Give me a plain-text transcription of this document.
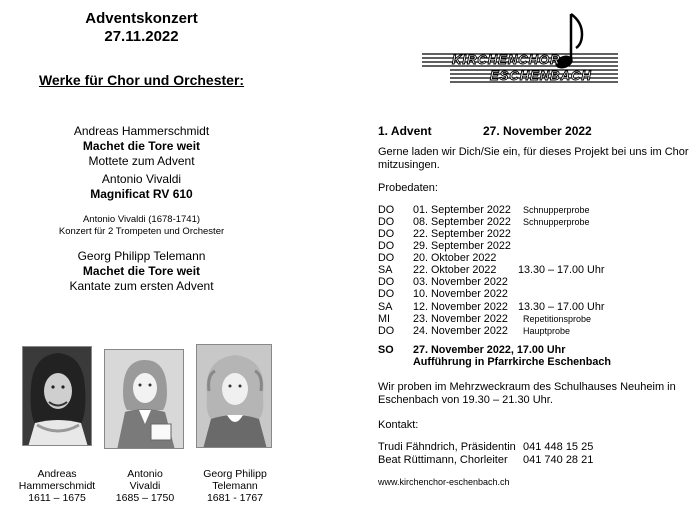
Adventskonzert
27.11.2022
Werke für Chor und Orchester:
Andreas Hammerschmidt
Machet die Tore weit
Mottete zum Advent
Antonio Vivaldi
Magnificat RV 610
Antonio Vivaldi (1678-1741)
Konzert für 2 Trompeten und Orchester
Georg Philipp Telemann
Machet die Tore weit
Kantate zum ersten Advent
Andreas
Hammerschmidt
1611 – 1675
Antonio
Vivaldi
1685 – 1750
Georg Philipp
Telemann
1681 - 1767
KIRCHENCHOR
ESCHENBACH
1. Advent	27. November 2022
Gerne laden wir Dich/Sie ein, für dieses Projekt bei uns im Chor mitzusingen.
Probedaten:
DO 01. September 2022 Schnupperprobe
DO 08. September 2022 Schnupperprobe
DO 22. September 2022
DO 29. September 2022
DO 20. Oktober 2022
SA 22. Oktober 2022 13.30 – 17.00 Uhr
DO 03. November 2022
DO 10. November 2022
SA 12. November 2022 13.30 – 17.00 Uhr
MI 23. November 2022 Repetitionsprobe
DO 24. November 2022 Hauptprobe
SO 27. November 2022, 17.00 Uhr
Aufführung in Pfarrkirche Eschenbach
Wir proben im Mehrzweckraum des Schulhauses Neuheim in Eschenbach von 19.30 – 21.30 Uhr.
Kontakt:
Trudi Fähndrich, Präsidentin 041 448 15 25
Beat Rüttimann, Chorleiter 041 740 28 21
www.kirchenchor-eschenbach.ch
